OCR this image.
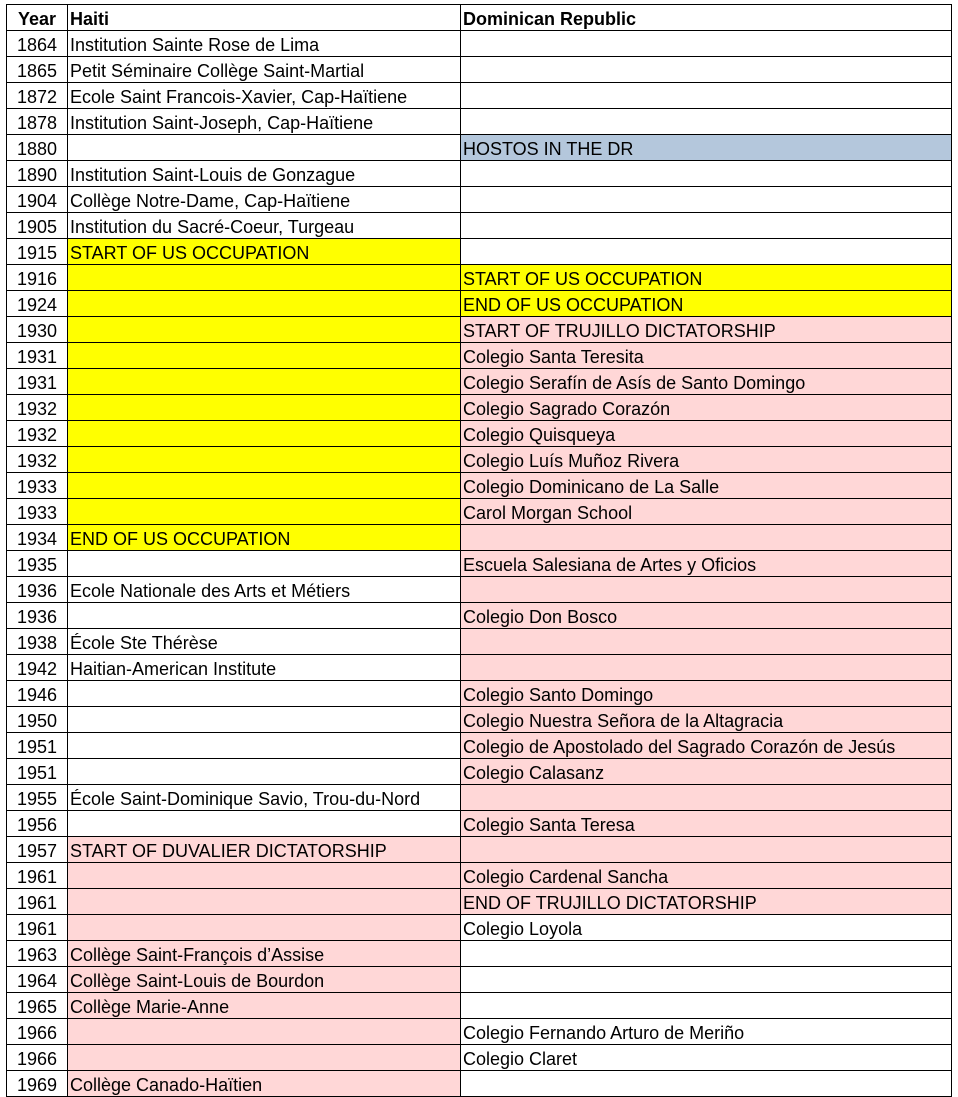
Year	Haiti	Dominican Republic
1864	Institution Sainte Rose de Lima	
1865	Petit Séminaire Collège Saint-Martial	
1872	Ecole Saint Francois-Xavier, Cap-Haïtiene	
1878	Institution Saint-Joseph, Cap-Haïtiene	
1880		HOSTOS IN THE DR
1890	Institution Saint-Louis de Gonzague	
1904	Collège Notre-Dame, Cap-Haïtiene	
1905	Institution du Sacré-Coeur, Turgeau	
1915	START OF US OCCUPATION	
1916		START OF US OCCUPATION
1924		END OF US OCCUPATION
1930		START OF TRUJILLO DICTATORSHIP
1931		Colegio Santa Teresita
1931		Colegio Serafín de Asís de Santo Domingo
1932		Colegio Sagrado Corazón
1932		Colegio Quisqueya
1932		Colegio Luís Muñoz Rivera
1933		Colegio Dominicano de La Salle
1933		Carol Morgan School
1934	END OF US OCCUPATION	
1935		Escuela Salesiana de Artes y Oficios
1936	Ecole Nationale des Arts et Métiers	
1936		Colegio Don Bosco
1938	École Ste Thérèse	
1942	Haitian-American Institute	
1946		Colegio Santo Domingo
1950		Colegio Nuestra Señora de la Altagracia
1951		Colegio de Apostolado del Sagrado Corazón de Jesús
1951		Colegio Calasanz
1955	École Saint-Dominique Savio, Trou-du-Nord	
1956		Colegio Santa Teresa
1957	START OF DUVALIER DICTATORSHIP	
1961		Colegio Cardenal Sancha
1961		END OF TRUJILLO DICTATORSHIP
1961		Colegio Loyola
1963	Collège Saint-François d’Assise	
1964	Collège Saint-Louis de Bourdon	
1965	Collège Marie-Anne	
1966		Colegio Fernando Arturo de Meriño
1966		Colegio Claret
1969	Collège Canado-Haïtien	
